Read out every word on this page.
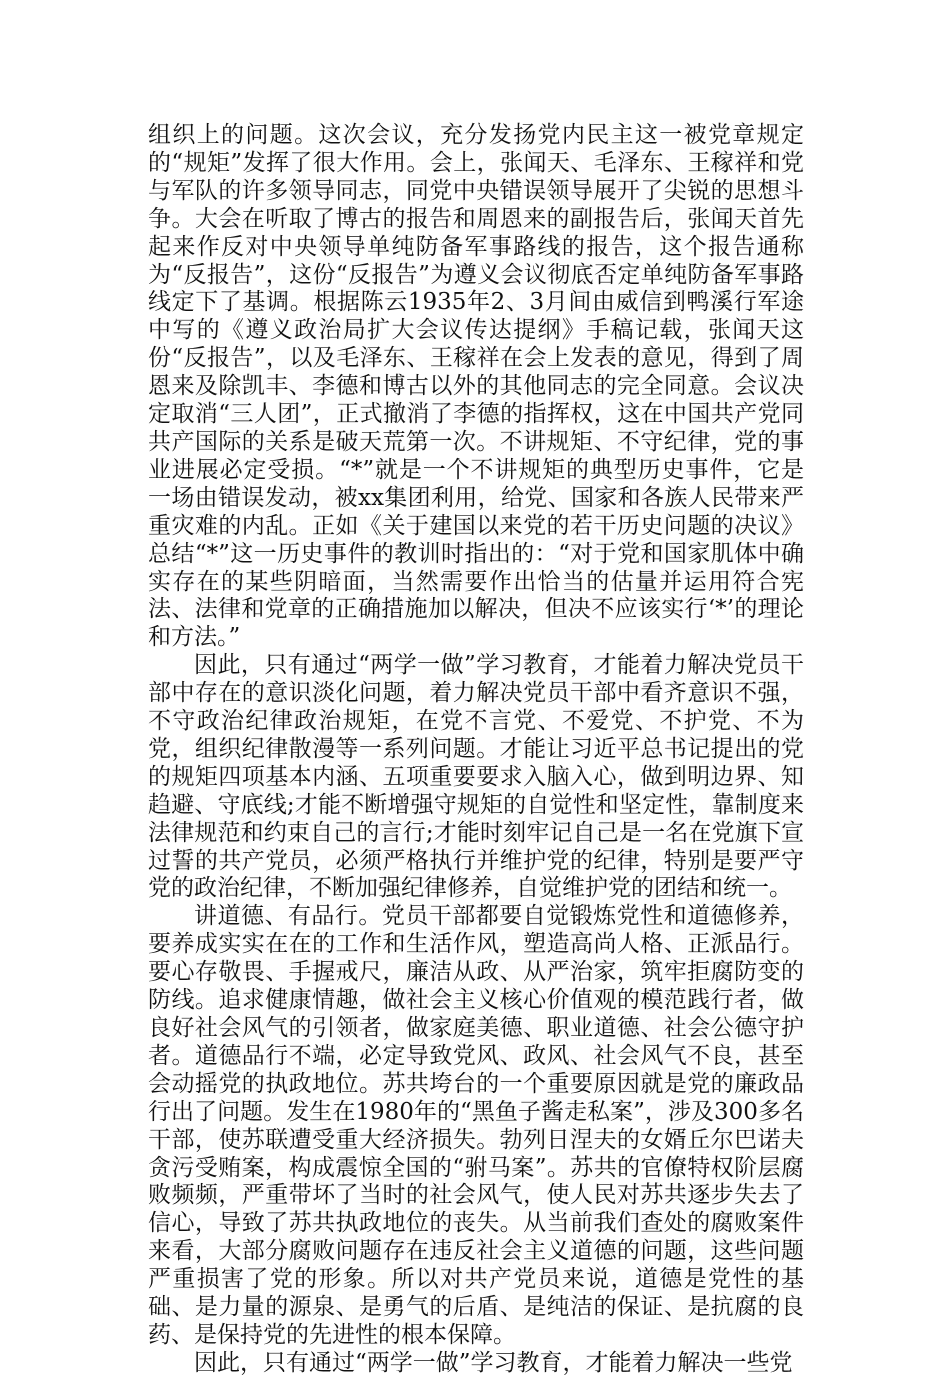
组织上的问题。这次会议，充分发扬党内民主这一被党章规定的“规矩”发挥了很大作用。会上，张闻天、毛泽东、王稼祥和党与军队的许多领导同志，同党中央错误领导展开了尖锐的思想斗争。大会在听取了博古的报告和周恩来的副报告后，张闻天首先起来作反对中央领导单纯防备军事路线的报告，这个报告通称为“反报告”，这份“反报告”为遵义会议彻底否定单纯防备军事路线定下了基调。根据陈云1935年2、3月间由威信到鸭溪行军途中写的《遵义政治局扩大会议传达提纲》手稿记载，张闻天这份“反报告”，以及毛泽东、王稼祥在会上发表的意见，得到了周恩来及除凯丰、李德和博古以外的其他同志的完全同意。会议决定取消“三人团”，正式撤消了李德的指挥权，这在中国共产党同共产国际的关系是破天荒第一次。不讲规矩、不守纪律，党的事业进展必定受损。“*”就是一个不讲规矩的典型历史事件，它是一场由错误发动，被xx集团利用，给党、国家和各族人民带来严重灾难的内乱。正如《关于建国以来党的若干历史问题的决议》总结“*”这一历史事件的教训时指出的：“对于党和国家肌体中确实存在的某些阴暗面，当然需要作出恰当的估量并运用符合宪法、法律和党章的正确措施加以解决，但决不应该实行‘*’的理论和方法。”

因此，只有通过“两学一做”学习教育，才能着力解决党员干部中存在的意识淡化问题，着力解决党员干部中看齐意识不强，不守政治纪律政治规矩，在党不言党、不爱党、不护党、不为党，组织纪律散漫等一系列问题。才能让习近平总书记提出的党的规矩四项基本内涵、五项重要要求入脑入心，做到明边界、知趋避、守底线;才能不断增强守规矩的自觉性和坚定性，靠制度来法律规范和约束自己的言行;才能时刻牢记自己是一名在党旗下宣过誓的共产党员，必须严格执行并维护党的纪律，特别是要严守党的政治纪律，不断加强纪律修养，自觉维护党的团结和统一。

讲道德、有品行。党员干部都要自觉锻炼党性和道德修养，要养成实实在在的工作和生活作风，塑造高尚人格、正派品行。要心存敬畏、手握戒尺，廉洁从政、从严治家，筑牢拒腐防变的防线。追求健康情趣，做社会主义核心价值观的模范践行者，做良好社会风气的引领者，做家庭美德、职业道德、社会公德守护者。道德品行不端，必定导致党风、政风、社会风气不良，甚至会动摇党的执政地位。苏共垮台的一个重要原因就是党的廉政品行出了问题。发生在1980年的“黑鱼子酱走私案”，涉及300多名干部，使苏联遭受重大经济损失。勃列日涅夫的女婿丘尔巴诺夫贪污受贿案，构成震惊全国的“驸马案”。苏共的官僚特权阶层腐败频频，严重带坏了当时的社会风气，使人民对苏共逐步失去了信心，导致了苏共执政地位的丧失。从当前我们查处的腐败案件来看，大部分腐败问题存在违反社会主义道德的问题，这些问题严重损害了党的形象。所以对共产党员来说，道德是党性的基础、是力量的源泉、是勇气的后盾、是纯洁的保证、是抗腐的良药、是保持党的先进性的根本保障。

因此，只有通过“两学一做”学习教育，才能着力解决一些党
